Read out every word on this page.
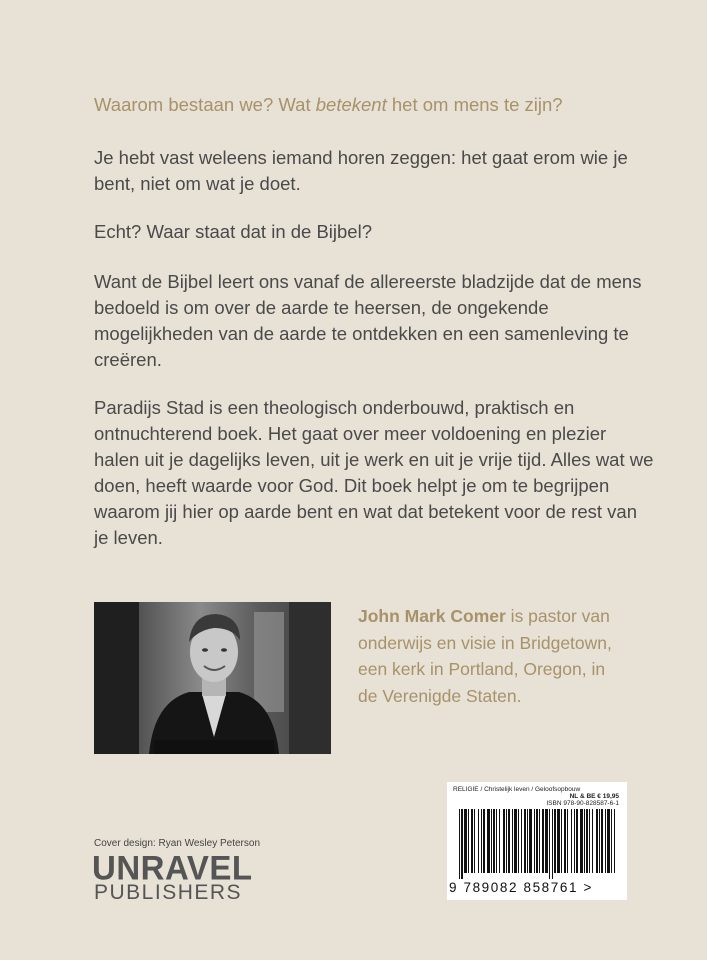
Waarom bestaan we? Wat betekent het om mens te zijn?

Je hebt vast weleens iemand horen zeggen: het gaat erom wie je bent, niet om wat je doet.

Echt? Waar staat dat in de Bijbel?

Want de Bijbel leert ons vanaf de allereerste bladzijde dat de mens bedoeld is om over de aarde te heersen, de ongekende mogelijkheden van de aarde te ontdekken en een samenleving te creëren.

Paradijs Stad is een theologisch onderbouwd, praktisch en ontnuchterend boek. Het gaat over meer voldoening en plezier halen uit je dagelijks leven, uit je werk en uit je vrije tijd. Alles wat we doen, heeft waarde voor God. Dit boek helpt je om te begrijpen waarom jij hier op aarde bent en wat dat betekent voor de rest van je leven.

John Mark Comer is pastor van onderwijs en visie in Bridgetown, een kerk in Portland, Oregon, in de Verenigde Staten.

Cover design: Ryan Wesley Peterson

UNRAVEL

PUBLISHERS

RELIGIE / Christelijk leven / Geloofsopbouw

NL & BE € 19,95

ISBN 978-90-828587-6-1

9 789082 858761 >
